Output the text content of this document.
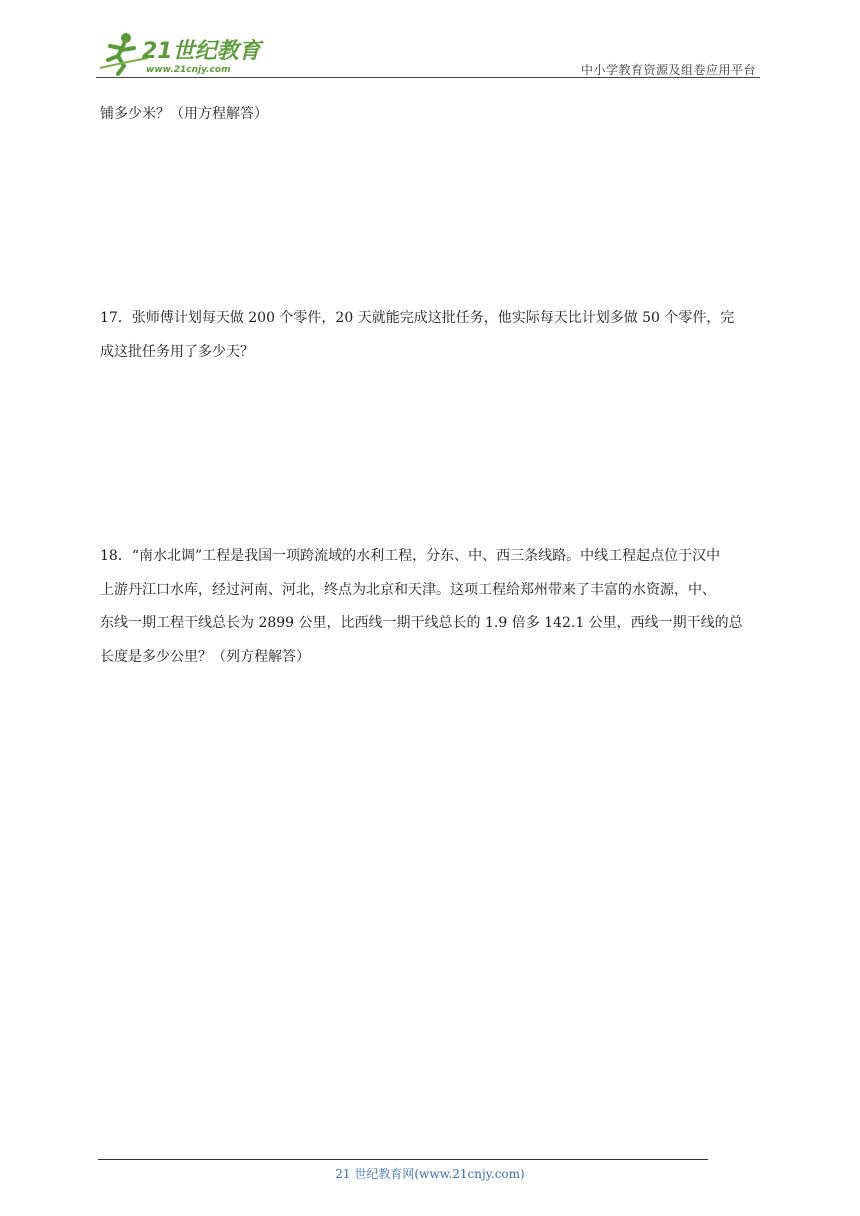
21世纪教育
www.21cnjy.com	中小学教育资源及组卷应用平台
铺多少米？（用方程解答）
17．张师傅计划每天做 200 个零件，20 天就能完成这批任务，他实际每天比计划多做 50 个零件，完
成这批任务用了多少天？
18．“南水北调”工程是我国一项跨流域的水利工程，分东、中、西三条线路。中线工程起点位于汉中
上游丹江口水库，经过河南、河北，终点为北京和天津。这项工程给郑州带来了丰富的水资源，中、
东线一期工程干线总长为 2899 公里，比西线一期干线总长的 1.9 倍多 142.1 公里，西线一期干线的总
长度是多少公里？（列方程解答）
21 世纪教育网(www.21cnjy.com)
